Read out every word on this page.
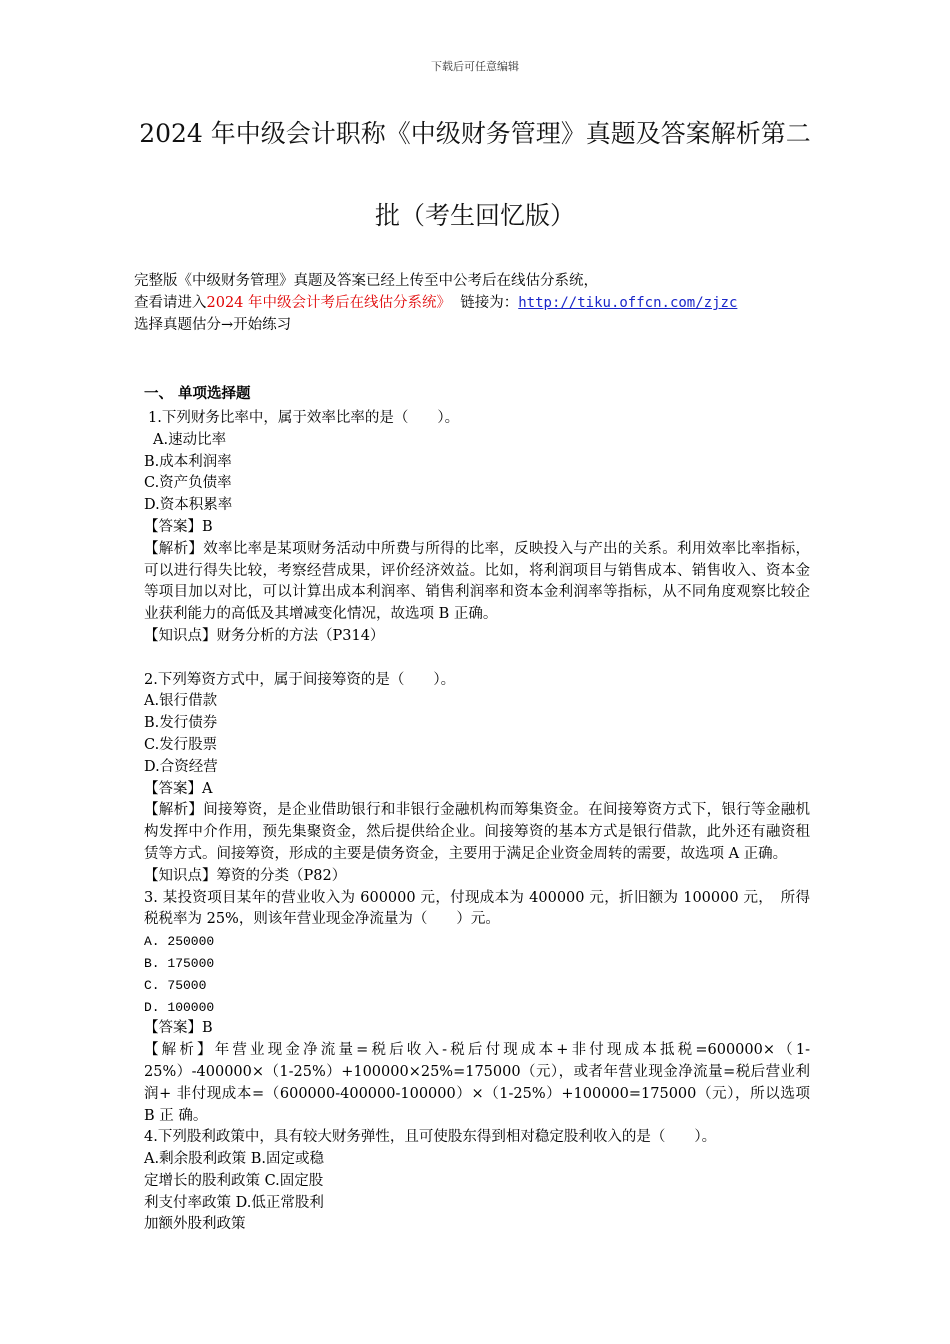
下载后可任意编辑
2024 年中级会计职称《中级财务管理》真题及答案解析第二
批（考生回忆版）
完整版《中级财务管理》真题及答案已经上传至中公考后在线估分系统，
查看请进入2024 年中级会计考后在线估分系统》 链接为：http://tiku.offcn.com/zjzc
选择真题估分→开始练习
一、 单项选择题

1.下列财务比率中，属于效率比率的是（　　）。

A.速动比率

B.成本利润率

C.资产负债率

D.资本积累率

【答案】B

【解析】效率比率是某项财务活动中所费与所得的比率，反映投入与产出的关系。利用效率比率指标，可以进行得失比较，考察经营成果，评价经济效益。比如，将利润项目与销售成本、销售收入、资本金等项目加以对比，可以计算出成本利润率、销售利润率和资本金利润率等指标，从不同角度观察比较企业获利能力的高低及其增减变化情况，故选项 B 正确。

【知识点】财务分析的方法（P314）

2.下列筹资方式中，属于间接筹资的是（　　）。

A.银行借款

B.发行债券

C.发行股票

D.合资经营

【答案】A

【解析】间接筹资，是企业借助银行和非银行金融机构而筹集资金。在间接筹资方式下，银行等金融机构发挥中介作用，预先集聚资金，然后提供给企业。间接筹资的基本方式是银行借款，此外还有融资租赁等方式。间接筹资，形成的主要是债务资金，主要用于满足企业资金周转的需要，故选项 A 正确。

【知识点】筹资的分类（P82）

3. 某投资项目某年的营业收入为 600000 元，付现成本为 400000 元，折旧额为 100000 元，　所得税税率为 25%，则该年营业现金净流量为（　　）元。

A. 250000

B. 175000

C. 75000

D. 100000

【答案】B

【解析】年营业现金净流量=税后收入-税后付现成本+非付现成本抵税=600000×（1-25%）-400000×（1-25%）+100000×25%=175000（元），或者年营业现金净流量=税后营业利润+ 非付现成本=（600000-400000-100000）×（1-25%）+100000=175000（元），所以选项 B 正 确。

4.下列股利政策中，具有较大财务弹性，且可使股东得到相对稳定股利收入的是（　　）。

A.剩余股利政策 B.固定或稳

定增长的股利政策 C.固定股

利支付率政策 D.低正常股利

加额外股利政策
